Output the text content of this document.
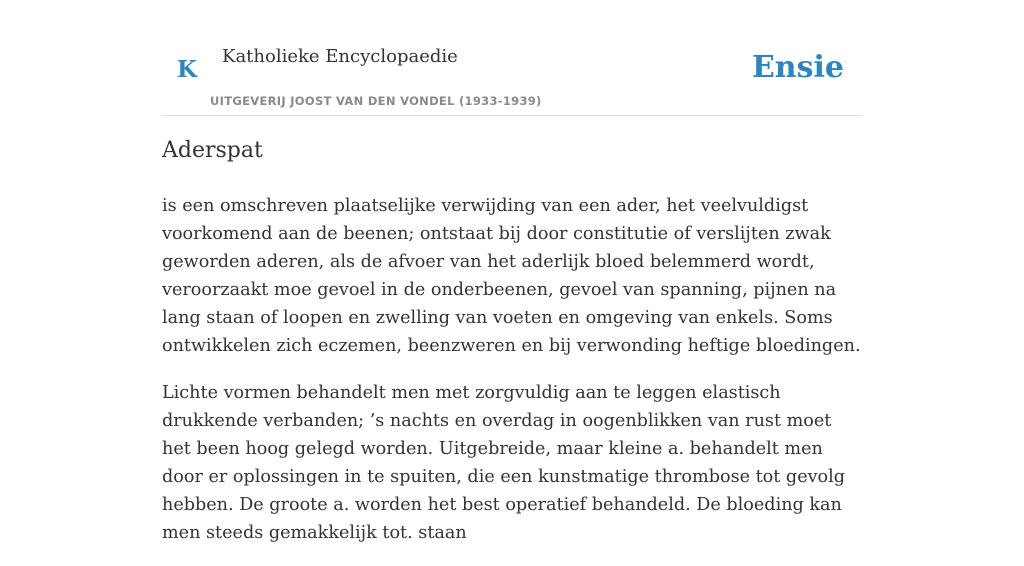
K Katholieke Encyclopaedie
UITGEVERIJ JOOST VAN DEN VONDEL (1933-1939)
Ensie
Aderspat

is een omschreven plaatselijke verwijding van een ader, het veelvuldigst voorkomend aan de beenen; ontstaat bij door constitutie of verslijten zwak geworden aderen, als de afvoer van het aderlijk bloed belemmerd wordt, veroorzaakt moe gevoel in de onderbeenen, gevoel van spanning, pijnen na lang staan of loopen en zwelling van voeten en omgeving van enkels. Soms ontwikkelen zich eczemen, beenzweren en bij verwonding heftige bloedingen.

Lichte vormen behandelt men met zorgvuldig aan te leggen elastisch drukkende verbanden; ’s nachts en overdag in oogenblikken van rust moet het been hoog gelegd worden. Uitgebreide, maar kleine a. behandelt men door er oplossingen in te spuiten, die een kunstmatige thrombose tot gevolg hebben. De groote a. worden het best operatief behandeld. De bloeding kan men steeds gemakkelijk tot. staan
